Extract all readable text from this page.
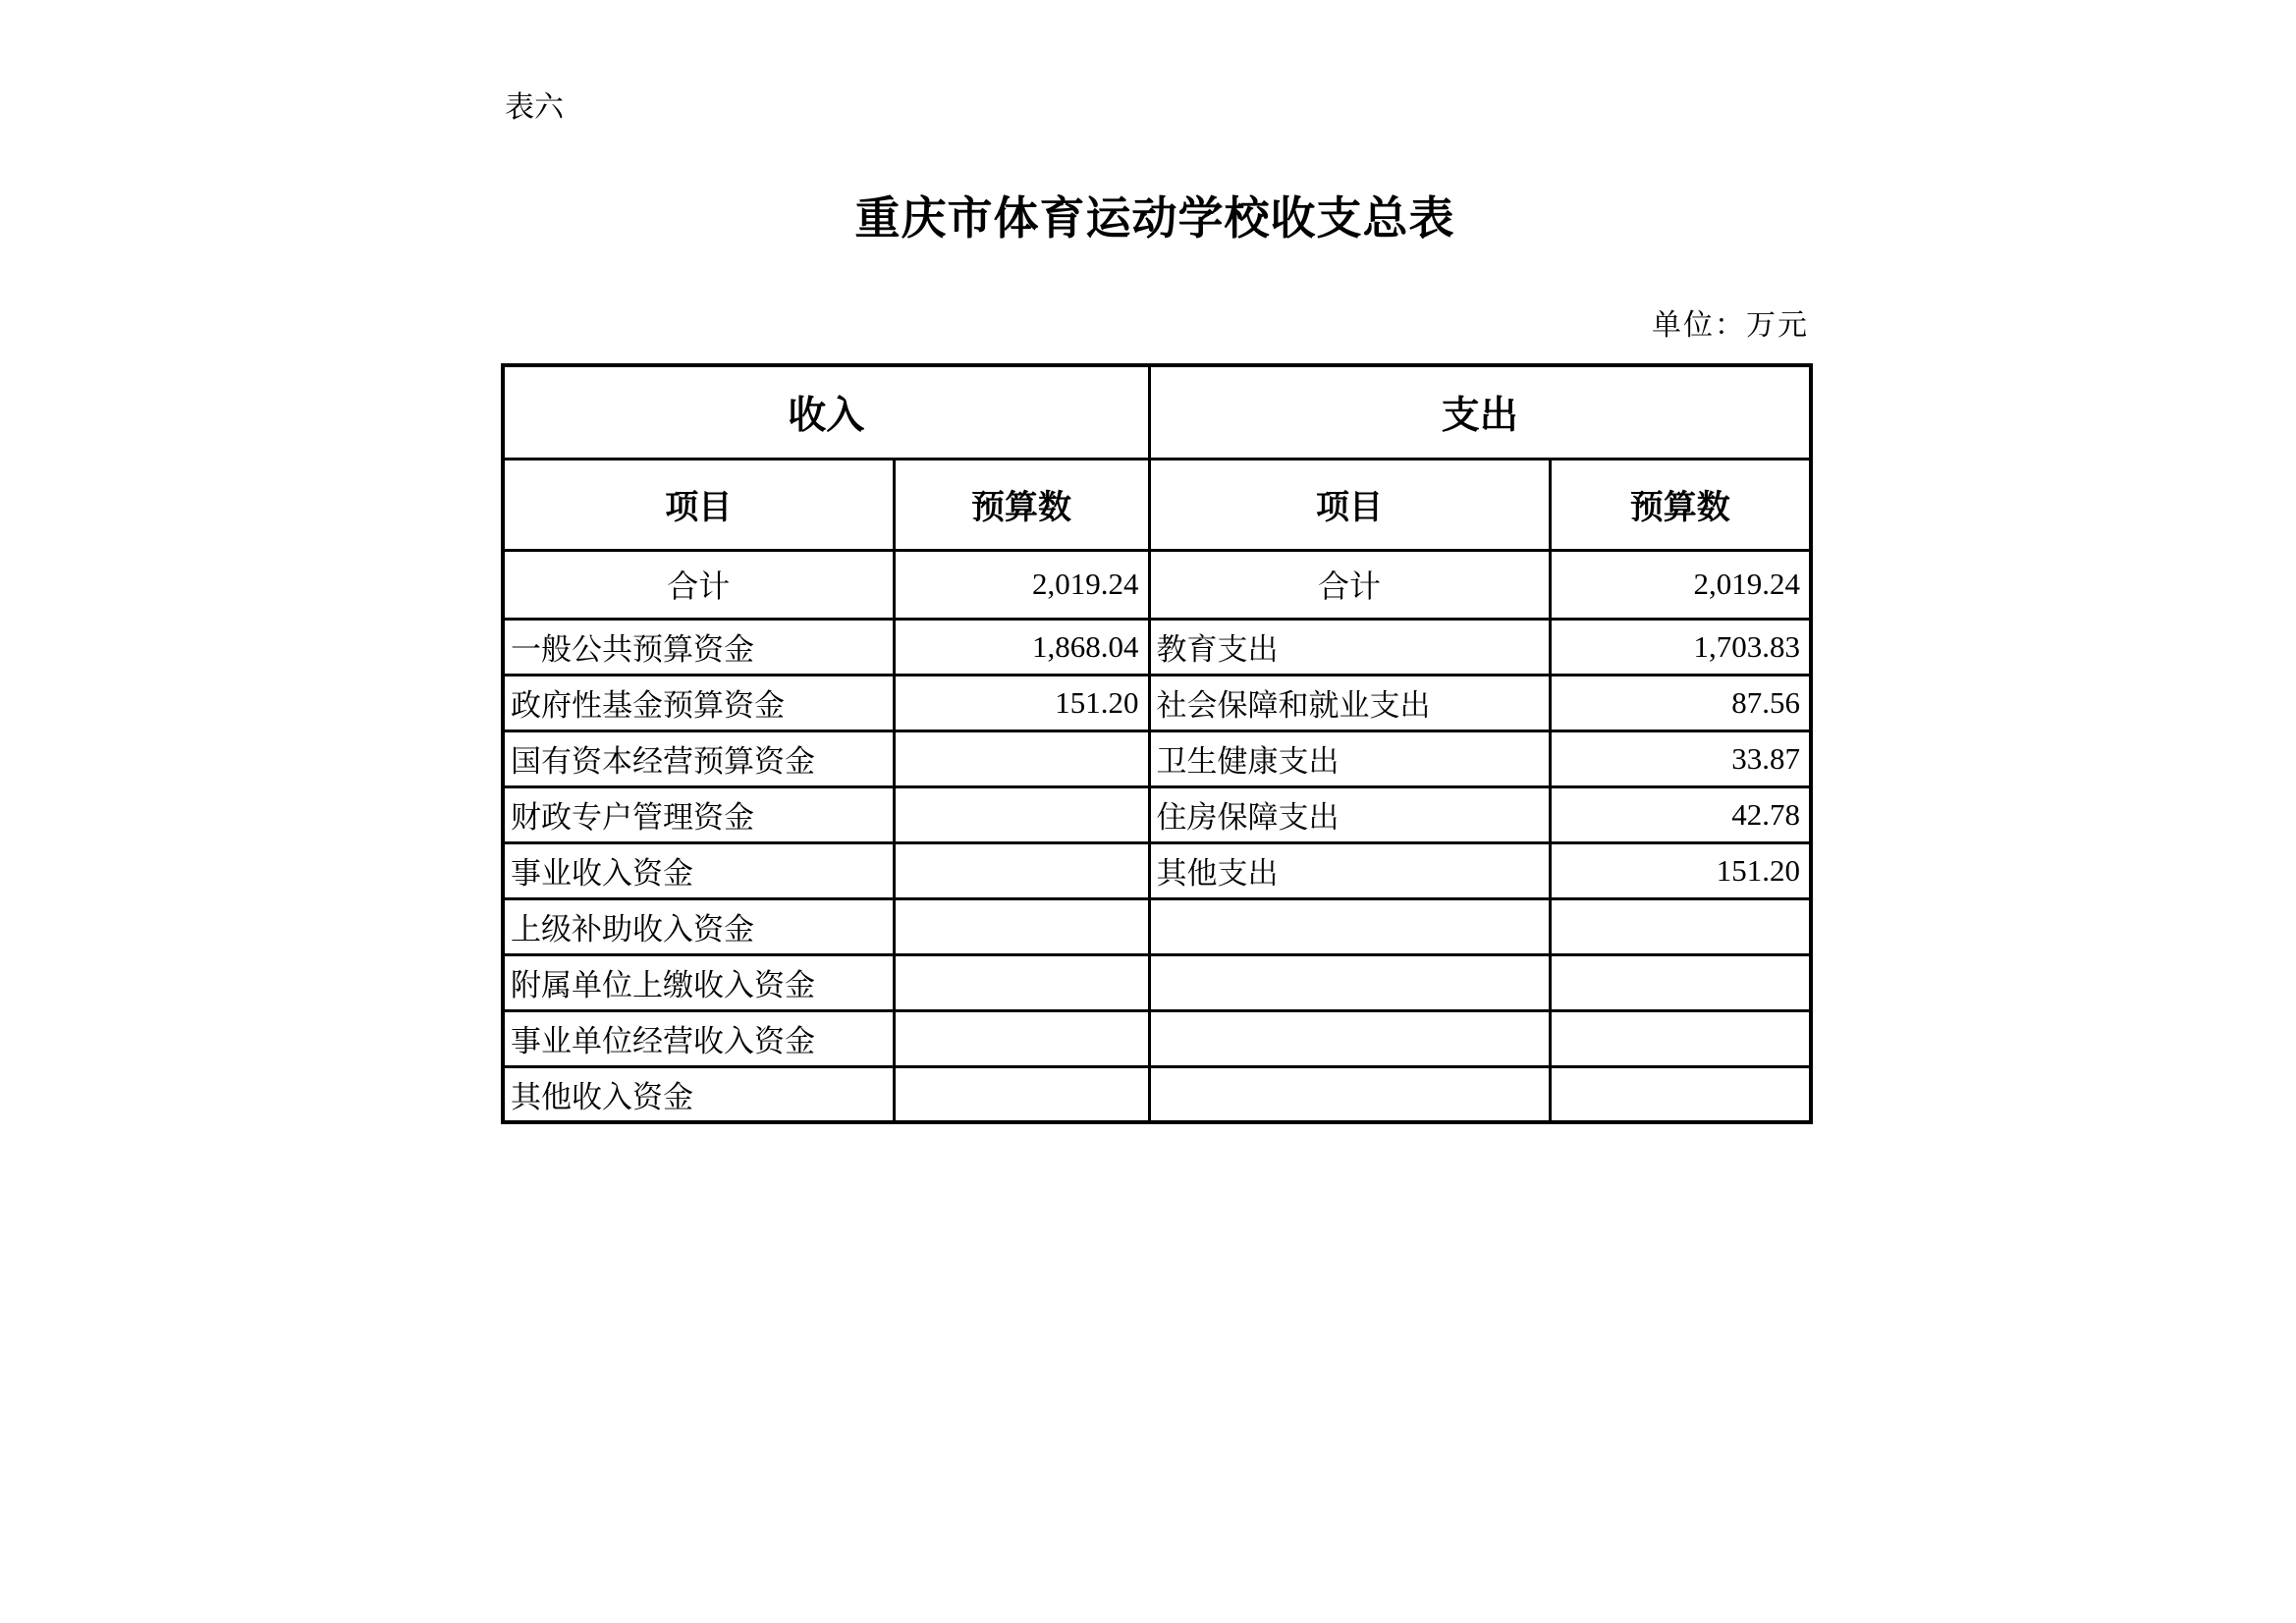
表六
重庆市体育运动学校收支总表
单位：万元
收入		支出	
项目	预算数	项目	预算数
合计	2,019.24	合计	2,019.24
一般公共预算资金	1,868.04	教育支出	1,703.83
政府性基金预算资金	151.20	社会保障和就业支出	87.56
国有资本经营预算资金		卫生健康支出	33.87
财政专户管理资金		住房保障支出	42.78
事业收入资金		其他支出	151.20
上级补助收入资金			
附属单位上缴收入资金			
事业单位经营收入资金			
其他收入资金			
